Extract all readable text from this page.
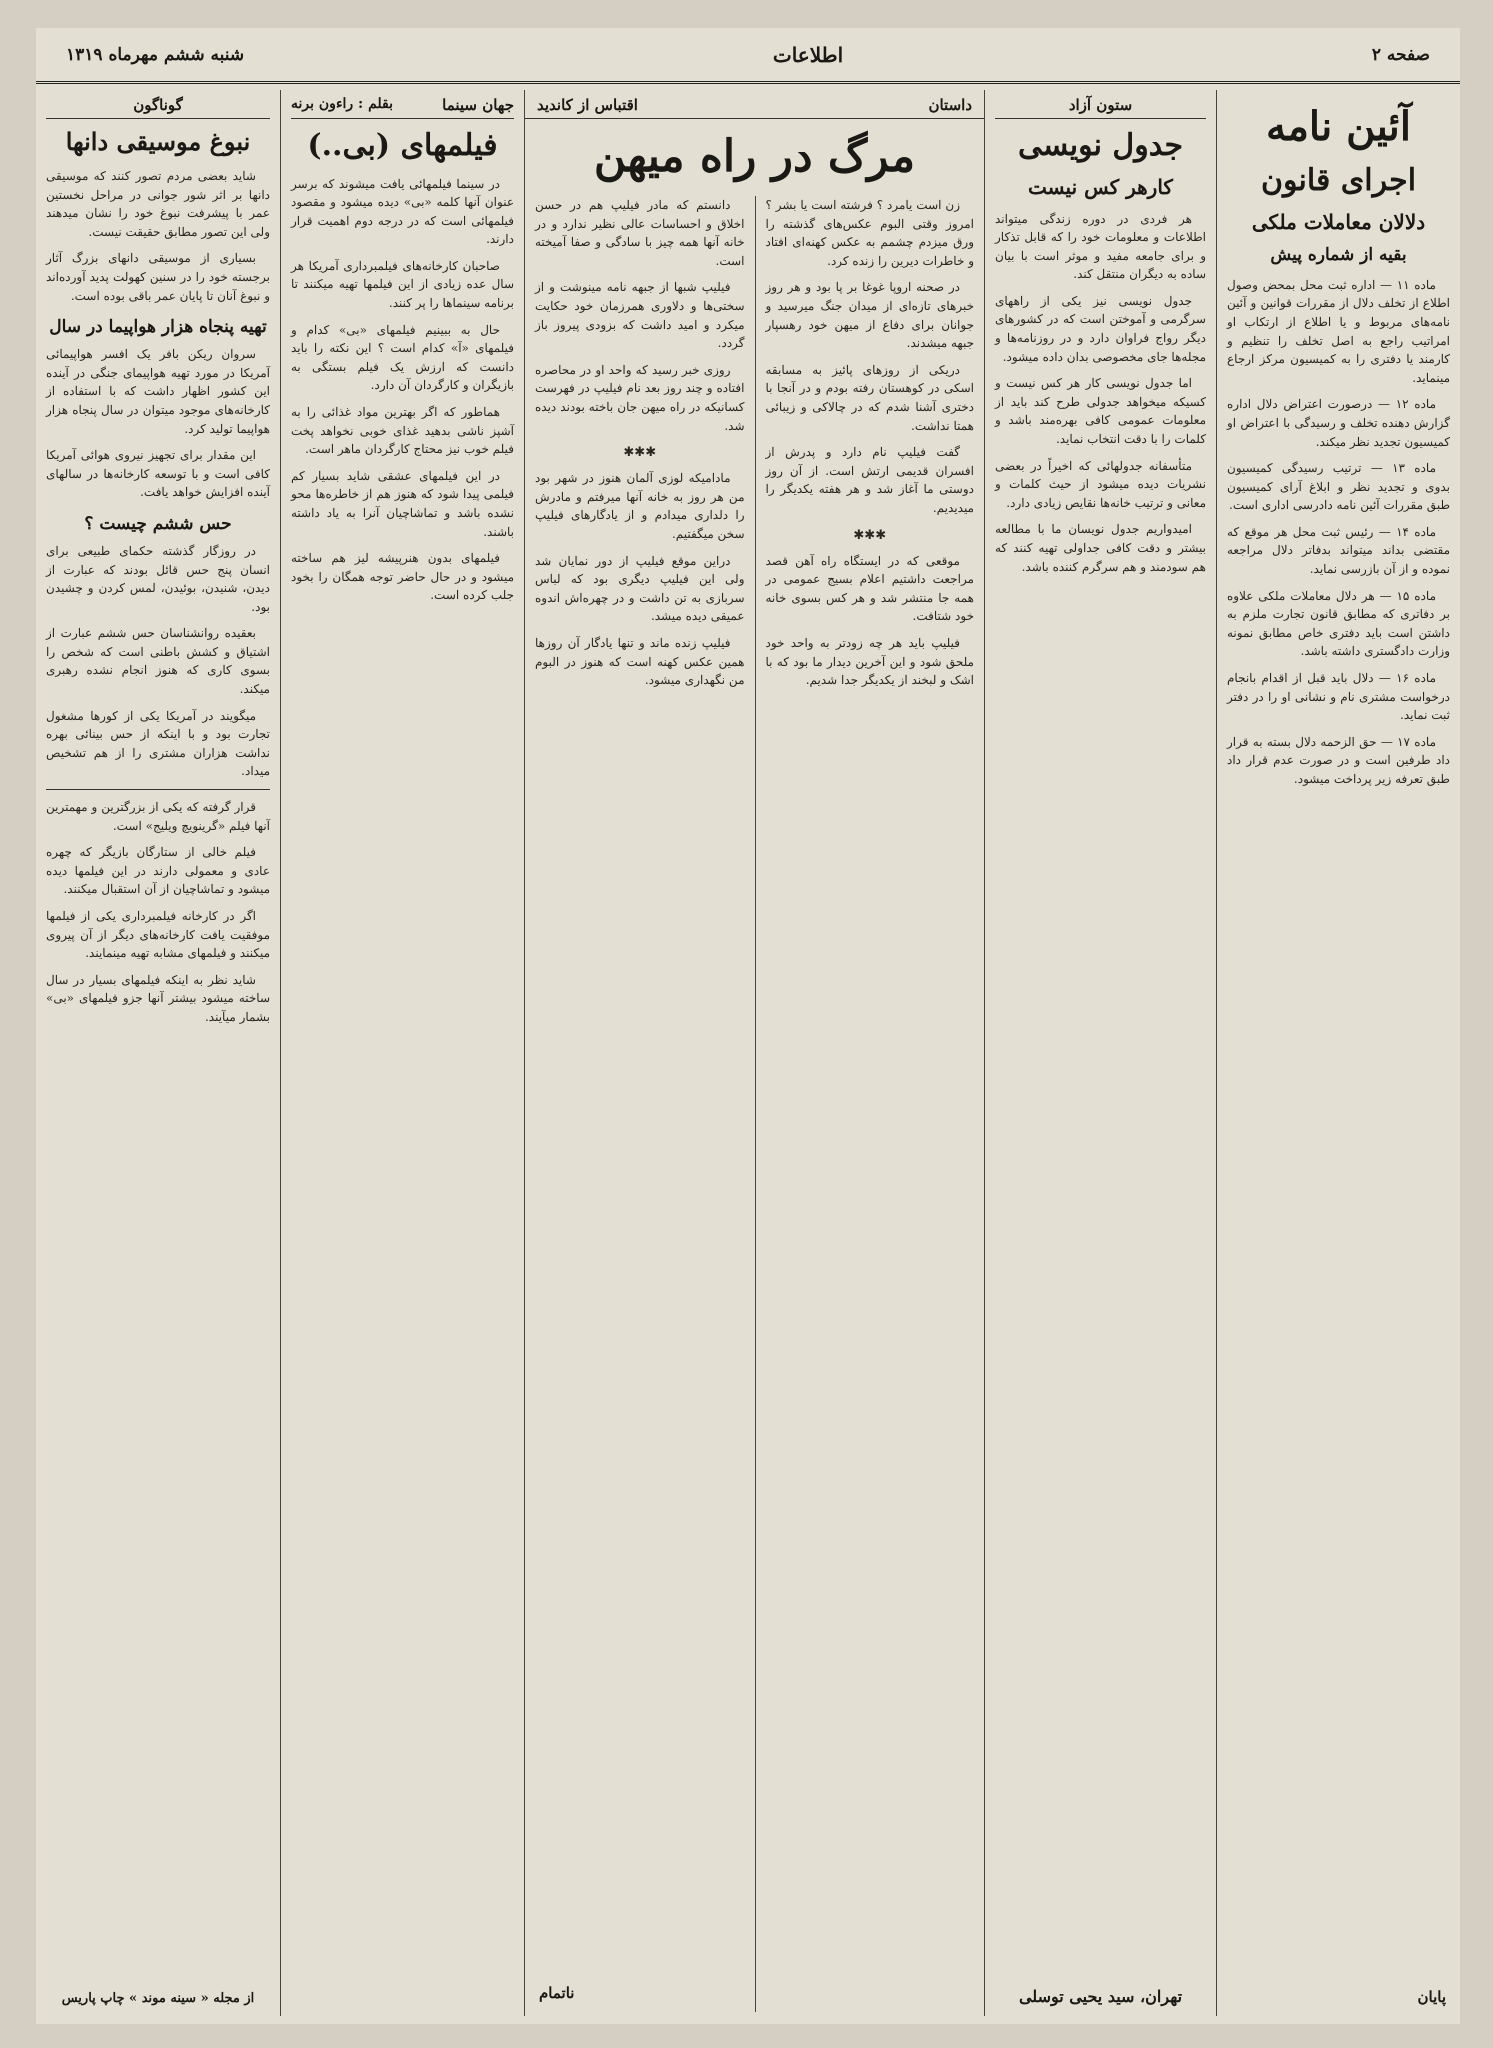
صفحه ۲
اطلاعات
شنبه ششم مهرماه ۱۳۱۹
آئین نامه
اجرای قانون
دلالان معاملات ملکی
بقیه از شماره پیش

ماده ۱۱ — اداره ثبت محل بمحض وصول اطلاع از تخلف دلال از مقررات قوانین و آئین نامه‌های مربوط و یا اطلاع از ارتکاب او امراتیب راجع به اصل تخلف را تنظیم و کارمند یا دفتری را به کمیسیون مرکز ارجاع مینماید.

ماده ۱۲ — درصورت اعتراض دلال اداره گزارش دهنده تخلف و رسیدگی با اعتراض او کمیسیون تجدید نظر میکند.

ماده ۱۳ — ترتیب رسیدگی کمیسیون بدوی و تجدید نظر و ابلاغ آرای کمیسیون طبق مقررات آئین نامه دادرسی اداری است.

ماده ۱۴ — رئیس ثبت محل هر موقع که مقتضی بداند میتواند بدفاتر دلال مراجعه نموده و از آن بازرسی نماید.

ماده ۱۵ — هر دلال معاملات ملکی علاوه بر دفاتری که مطابق قانون تجارت ملزم به داشتن است باید دفتری خاص مطابق نمونه وزارت دادگستری داشته باشد.

ماده ۱۶ — دلال باید قبل از اقدام بانجام درخواست مشتری نام و نشانی او را در دفتر ثبت نماید.

ماده ۱۷ — حق الزحمه دلال بسته به قرار داد طرفین است و در صورت عدم قرار داد طبق تعرفه زیر پرداخت میشود.

پایان
ستون آزاد
جدول نویسی
کارهر کس نیست

هر فردی در دوره زندگی میتواند اطلاعات و معلومات خود را که قابل تذکار و برای جامعه مفید و موثر است با بیان ساده به دیگران منتقل کند.

جدول نویسی نیز یکی از راههای سرگرمی و آموختن است که در کشورهای دیگر رواج فراوان دارد و در روزنامه‌ها و مجله‌ها جای مخصوصی بدان داده میشود.

اما جدول نویسی کار هر کس نیست و کسیکه میخواهد جدولی طرح کند باید از معلومات عمومی کافی بهره‌مند باشد و کلمات را با دقت انتخاب نماید.

متأسفانه جدولهائی که اخیراً در بعضی نشریات دیده میشود از حیث کلمات و معانی و ترتیب خانه‌ها نقایص زیادی دارد.

امیدواریم جدول نویسان ما با مطالعه بیشتر و دقت کافی جداولی تهیه کنند که هم سودمند و هم سرگرم کننده باشد.

تهران، سید یحیی توسلی
داستان
اقتباس از کاندید
مرگ در راه میهن

زن است یامرد ؟ فرشته است یا بشر ؟ امروز وقتی البوم عکس‌های گذشته را ورق میزدم چشمم به عکس کهنه‌ای افتاد و خاطرات دیرین را زنده کرد.

در صحنه اروپا غوغا بر پا بود و هر روز خبرهای تازه‌ای از میدان جنگ میرسید و جوانان برای دفاع از میهن خود رهسپار جبهه میشدند.

دریکی از روزهای پائیز به مسابقه اسکی در کوهستان رفته بودم و در آنجا با دختری آشنا شدم که در چالاکی و زیبائی همتا نداشت.

گفت فیلیپ نام دارد و پدرش از افسران قدیمی ارتش است. از آن روز دوستی ما آغاز شد و هر هفته یکدیگر را میدیدیم.

✱✱✱

موقعی که در ایستگاه راه آهن قصد مراجعت داشتیم اعلام بسیج عمومی در همه جا منتشر شد و هر کس بسوی خانه خود شتافت.

فیلیپ باید هر چه زودتر به واحد خود ملحق شود و این آخرین دیدار ما بود که با اشک و لبخند از یکدیگر جدا شدیم.

دانستم که مادر فیلیپ هم در حسن اخلاق و احساسات عالی نظیر ندارد و در خانه آنها همه چیز با سادگی و صفا آمیخته است.

فیلیپ شبها از جبهه نامه مینوشت و از سختی‌ها و دلاوری همرزمان خود حکایت میکرد و امید داشت که بزودی پیروز باز گردد.

روزی خبر رسید که واحد او در محاصره افتاده و چند روز بعد نام فیلیپ در فهرست کسانیکه در راه میهن جان باخته بودند دیده شد.

✱✱✱

مادامیکه لوزی آلمان هنوز در شهر بود من هر روز به خانه آنها میرفتم و مادرش را دلداری میدادم و از یادگارهای فیلیپ سخن میگفتیم.

دراین موقع فیلیپ از دور نمایان شد ولی این فیلیپ دیگری بود که لباس سربازی به تن داشت و در چهره‌اش اندوه عمیقی دیده میشد.

فیلیپ زنده ماند و تنها یادگار آن روزها همین عکس کهنه است که هنوز در البوم من نگهداری میشود.

ناتمام
جهان سینما
بقلم : راءون برنه
فیلمهای (بی..)

در سینما فیلمهائی یافت میشوند که برسر عنوان آنها کلمه «بی» دیده میشود و مقصود فیلمهائی است که در درجه دوم اهمیت قرار دارند.

صاحبان کارخانه‌های فیلمبرداری آمریکا هر سال عده زیادی از این فیلمها تهیه میکنند تا برنامه سینماها را پر کنند.

حال به ببینیم فیلمهای «بی» کدام و فیلمهای «آ» کدام است ؟ این نکته را باید دانست که ارزش یک فیلم بستگی به بازیگران و کارگردان آن دارد.

هماطور که اگر بهترین مواد غذائی را به آشپز ناشی بدهید غذای خوبی نخواهد پخت فیلم خوب نیز محتاج کارگردان ماهر است.

در این فیلمهای عشقی شاید بسیار کم فیلمی پیدا شود که هنوز هم از خاطره‌ها محو نشده باشد و تماشاچیان آنرا به یاد داشته باشند.

فیلمهای بدون هنرپیشه لیز هم ساخته میشود و در حال حاضر توجه همگان را بخود جلب کرده است.

گوناگون
نبوغ موسیقی دانها

شاید بعضی مردم تصور کنند که موسیقی دانها بر اثر شور جوانی در مراحل نخستین عمر با پیشرفت نبوغ خود را نشان میدهند ولی این تصور مطابق حقیقت نیست.

بسیاری از موسیقی دانهای بزرگ آثار برجسته خود را در سنین کهولت پدید آورده‌اند و نبوغ آنان تا پایان عمر باقی بوده است.

تهیه پنجاه هزار هواپیما در سال

سروان ریکن بافر یک افسر هواپیمائی آمریکا در مورد تهیه هواپیمای جنگی در آینده این کشور اظهار داشت که با استفاده از کارخانه‌های موجود میتوان در سال پنجاه هزار هواپیما تولید کرد.

این مقدار برای تجهیز نیروی هوائی آمریکا کافی است و با توسعه کارخانه‌ها در سالهای آینده افزایش خواهد یافت.

حس ششم چیست ؟

در روزگار گذشته حکمای طبیعی برای انسان پنج حس قائل بودند که عبارت از دیدن، شنیدن، بوئیدن، لمس کردن و چشیدن بود.

بعقیده روانشناسان حس ششم عبارت از اشتیاق و کشش باطنی است که شخص را بسوی کاری که هنوز انجام نشده رهبری میکند.

میگویند در آمریکا یکی از کورها مشغول تجارت بود و با اینکه از حس بینائی بهره نداشت هزاران مشتری را از هم تشخیص میداد.

قرار گرفته که یکی از بزرگترین و مهمترین آنها فیلم «گرینویچ ویلیج» است.

فیلم خالی از ستارگان بازیگر که چهره عادی و معمولی دارند در این فیلمها دیده میشود و تماشاچیان از آن استقبال میکنند.

اگر در کارخانه فیلمبرداری یکی از فیلمها موفقیت یافت کارخانه‌های دیگر از آن پیروی میکنند و فیلمهای مشابه تهیه مینمایند.

شاید نظر به اینکه فیلمهای بسیار در سال ساخته میشود بیشتر آنها جزو فیلمهای «بی» بشمار میآیند.

از مجله « سینه موند » چاپ پاریس
